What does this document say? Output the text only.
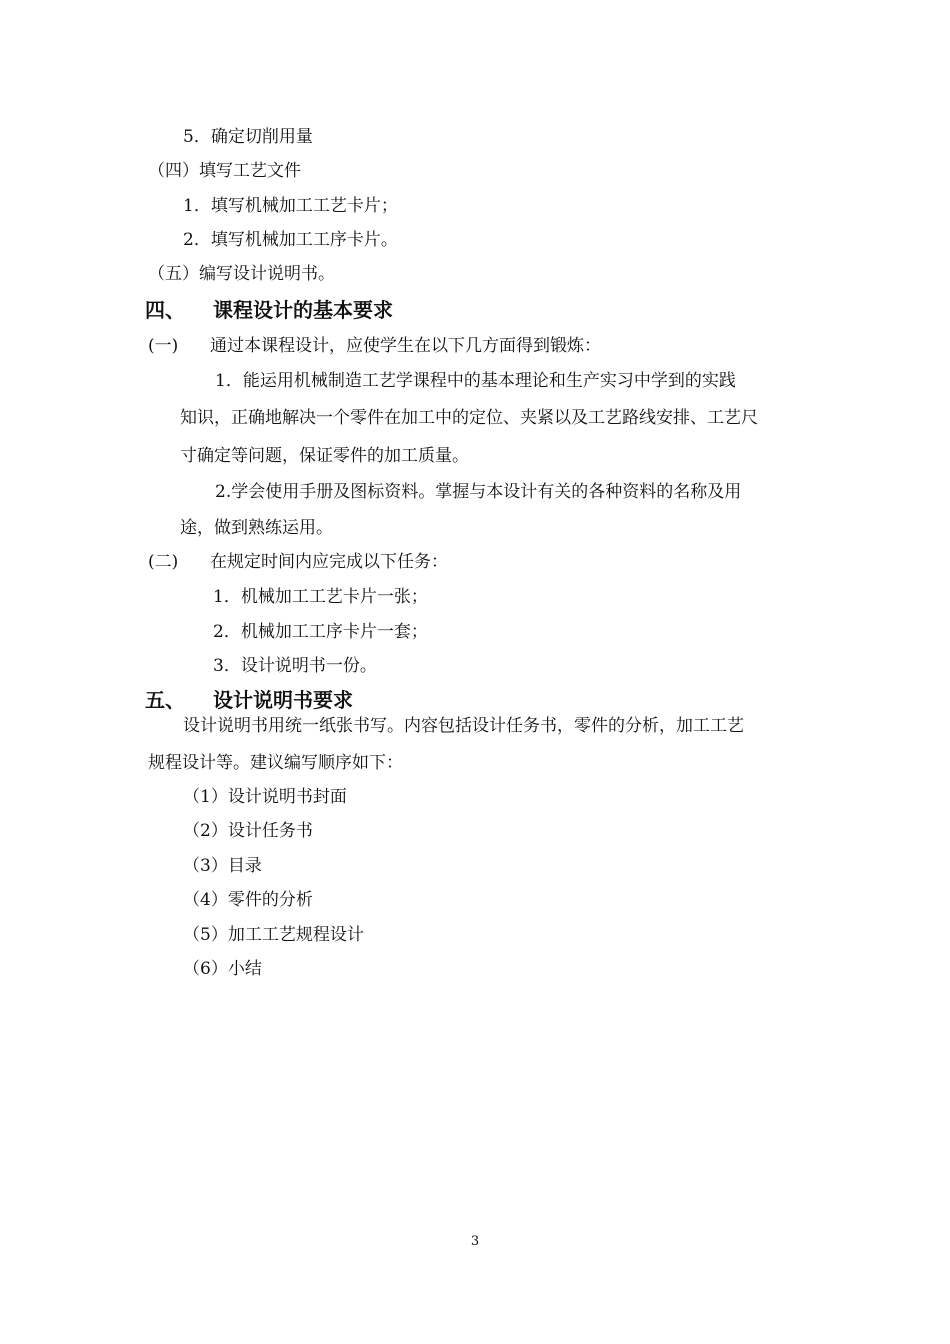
5．确定切削用量
（四）填写工艺文件
1．填写机械加工工艺卡片；
2．填写机械加工工序卡片。
（五）编写设计说明书。
四、 课程设计的基本要求
(一) 通过本课程设计，应使学生在以下几方面得到锻炼：
1．能运用机械制造工艺学课程中的基本理论和生产实习中学到的实践
知识，正确地解决一个零件在加工中的定位、夹紧以及工艺路线安排、工艺尺
寸确定等问题，保证零件的加工质量。
2.学会使用手册及图标资料。掌握与本设计有关的各种资料的名称及用
途，做到熟练运用。
(二) 在规定时间内应完成以下任务：
1．机械加工工艺卡片一张；
2．机械加工工序卡片一套；
3．设计说明书一份。
五、 设计说明书要求
设计说明书用统一纸张书写。内容包括设计任务书，零件的分析，加工工艺
规程设计等。建议编写顺序如下：
（1）设计说明书封面
（2）设计任务书
（3）目录
（4）零件的分析
（5）加工工艺规程设计
（6）小结
3
